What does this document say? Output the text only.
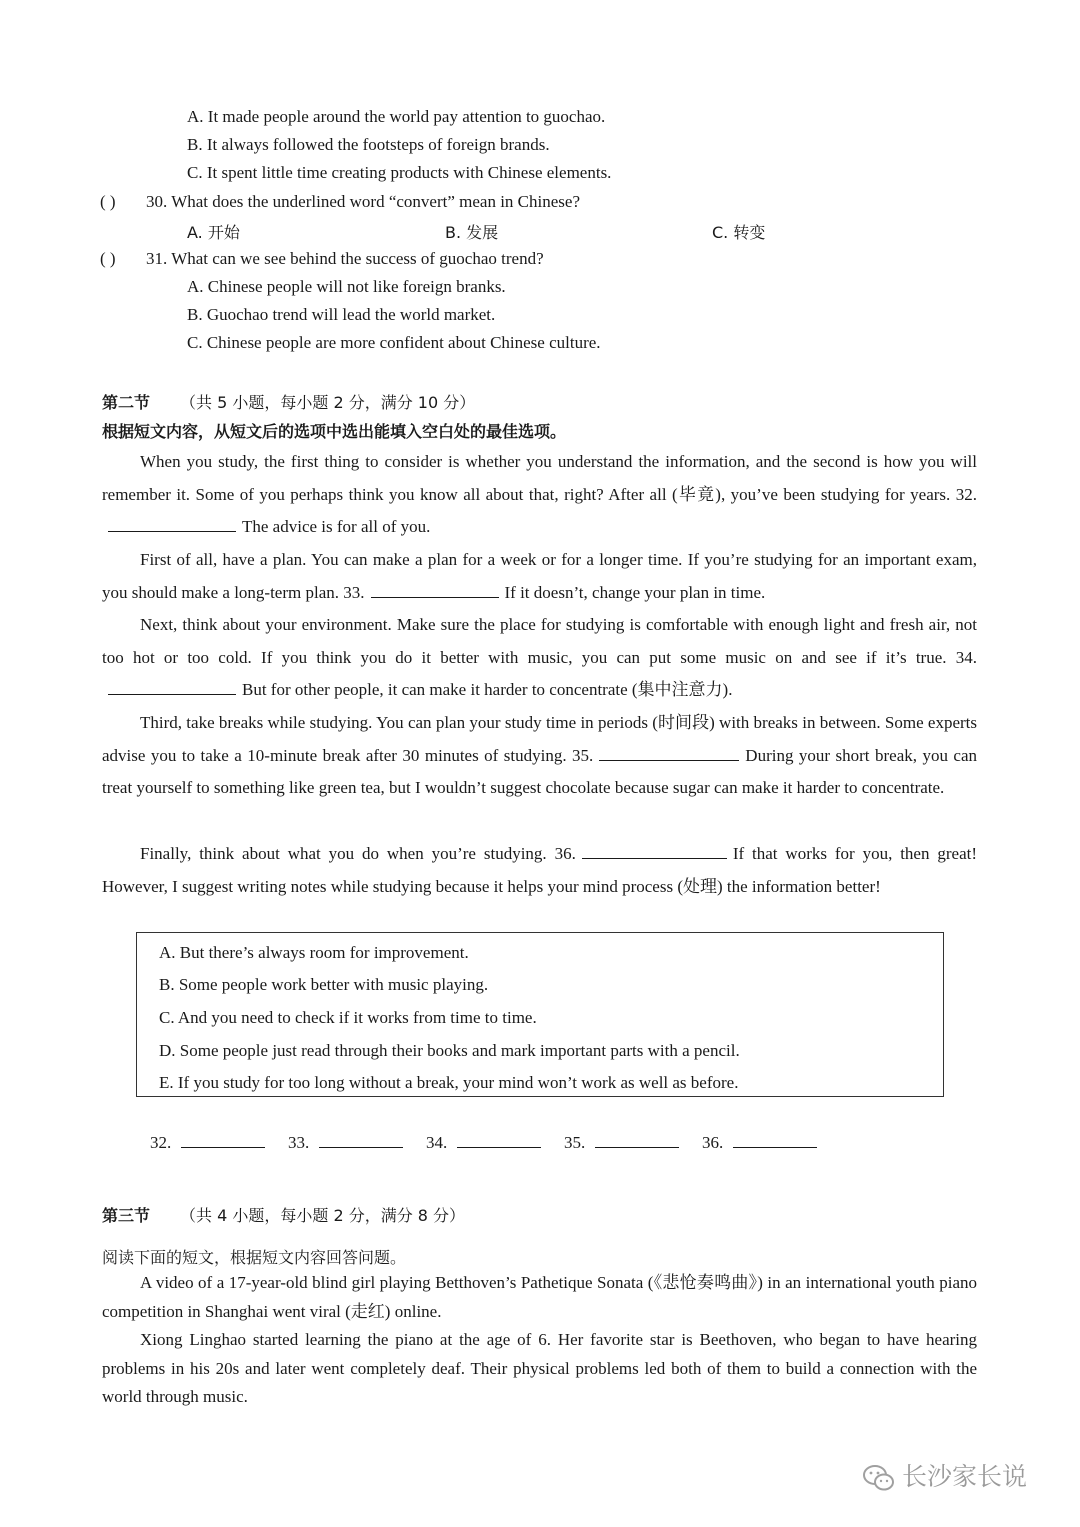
A. It made people around the world pay attention to guochao.
B. It always followed the footsteps of foreign brands.
C. It spent little time creating products with Chinese elements.
( ) 30. What does the underlined word “convert” mean in Chinese?
A. 开始	B. 发展	C. 转变
( ) 31. What can we see behind the success of guochao trend?
A. Chinese people will not like foreign branks.
B. Guochao trend will lead the world market.
C. Chinese people are more confident about Chinese culture.
第二节 （共 5 小题，每小题 2 分，满分 10 分）
根据短文内容，从短文后的选项中选出能填入空白处的最佳选项。
When you study, the first thing to consider is whether you understand the information, and the second is how you will remember it. Some of you perhaps think you know all about that, right? After all (毕竟), you’ve been studying for years. 32.The advice is for all of you.
First of all, have a plan. You can make a plan for a week or for a longer time. If you’re studying for an important exam, you should make a long-term plan. 33.	If it doesn’t, change your plan in time.
Next, think about your environment. Make sure the place for studying is comfortable with enough light and fresh air, not too hot or too cold. If you think you do it better with music, you can put some music on and see if it’s true. 34.But for other people, it can make it harder to concentrate (集中注意力).
Third, take breaks while studying. You can plan your study time in periods (时间段) with breaks in between. Some experts advise you to take a 10-minute break after 30 minutes of studying. 35.	During your short break, you can treat yourself to something like green tea, but I wouldn’t suggest chocolate because sugar can make it harder to concentrate.
Finally, think about what you do when you’re studying. 36.	If that works for you, then great! However, I suggest writing notes while studying because it helps your mind process (处理) the information better!
A. But there’s always room for improvement.
B. Some people work better with music playing.
C. And you need to check if it works from time to time.
D. Some people just read through their books and mark important parts with a pencil.
E. If you study for too long without a break, your mind won’t work as well as before.
32.	33.	34.	35.	36.
第三节 （共 4 小题，每小题 2 分，满分 8 分）
阅读下面的短文，根据短文内容回答问题。
A video of a 17-year-old blind girl playing Betthoven’s Pathetique Sonata (《悲怆奏鸣曲》) in an international youth piano competition in Shanghai went viral (走红) online.
Xiong Linghao started learning the piano at the age of 6. Her favorite star is Beethoven, who began to have hearing problems in his 20s and later went completely deaf. Their physical problems led both of them to build a connection with the world through music.
长沙家长说
